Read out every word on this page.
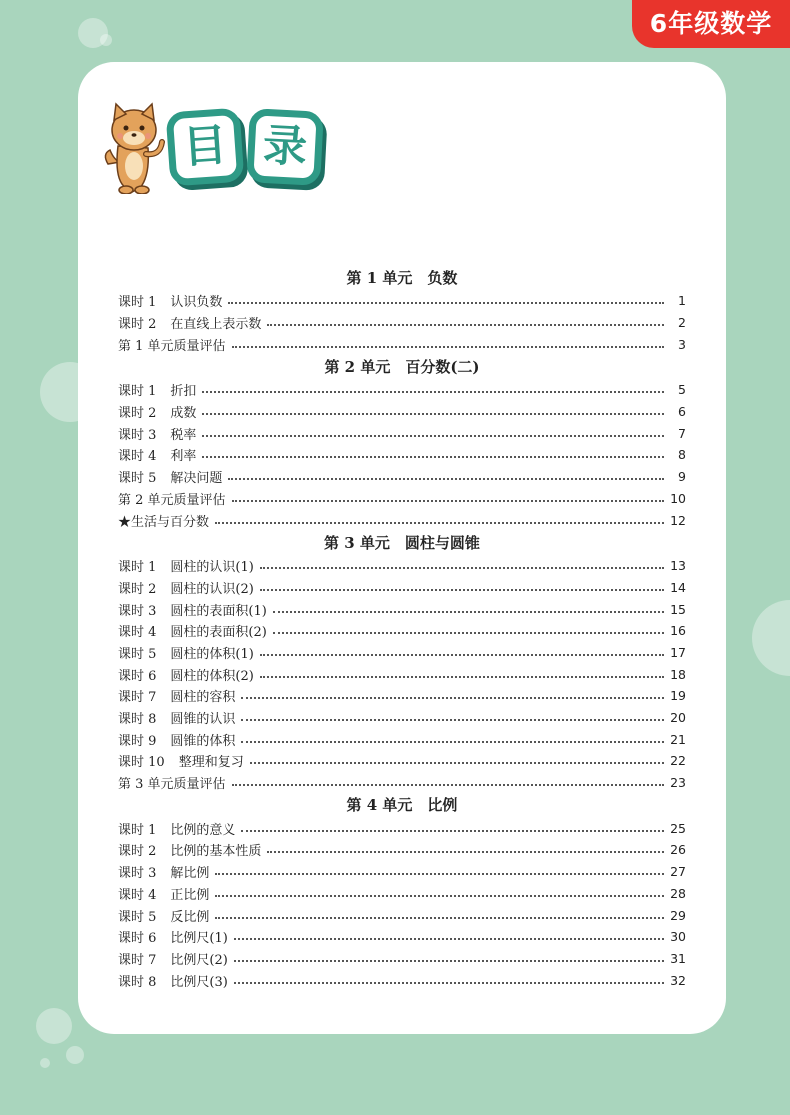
6年级数学
目 录
第 1 单元　负数
课时 1 认识负数	1
课时 2 在直线上表示数	2
第 1 单元质量评估	3
第 2 单元　百分数(二)
课时 1 折扣	5
课时 2 成数	6
课时 3 税率	7
课时 4 利率	8
课时 5 解决问题	9
第 2 单元质量评估	10
★生活与百分数	12
第 3 单元　圆柱与圆锥
课时 1 圆柱的认识(1)	13
课时 2 圆柱的认识(2)	14
课时 3 圆柱的表面积(1)	15
课时 4 圆柱的表面积(2)	16
课时 5 圆柱的体积(1)	17
课时 6 圆柱的体积(2)	18
课时 7 圆柱的容积	19
课时 8 圆锥的认识	20
课时 9 圆锥的体积	21
课时 10 整理和复习	22
第 3 单元质量评估	23
第 4 单元　比例
课时 1 比例的意义	25
课时 2 比例的基本性质	26
课时 3 解比例	27
课时 4 正比例	28
课时 5 反比例	29
课时 6 比例尺(1)	30
课时 7 比例尺(2)	31
课时 8 比例尺(3)	32
